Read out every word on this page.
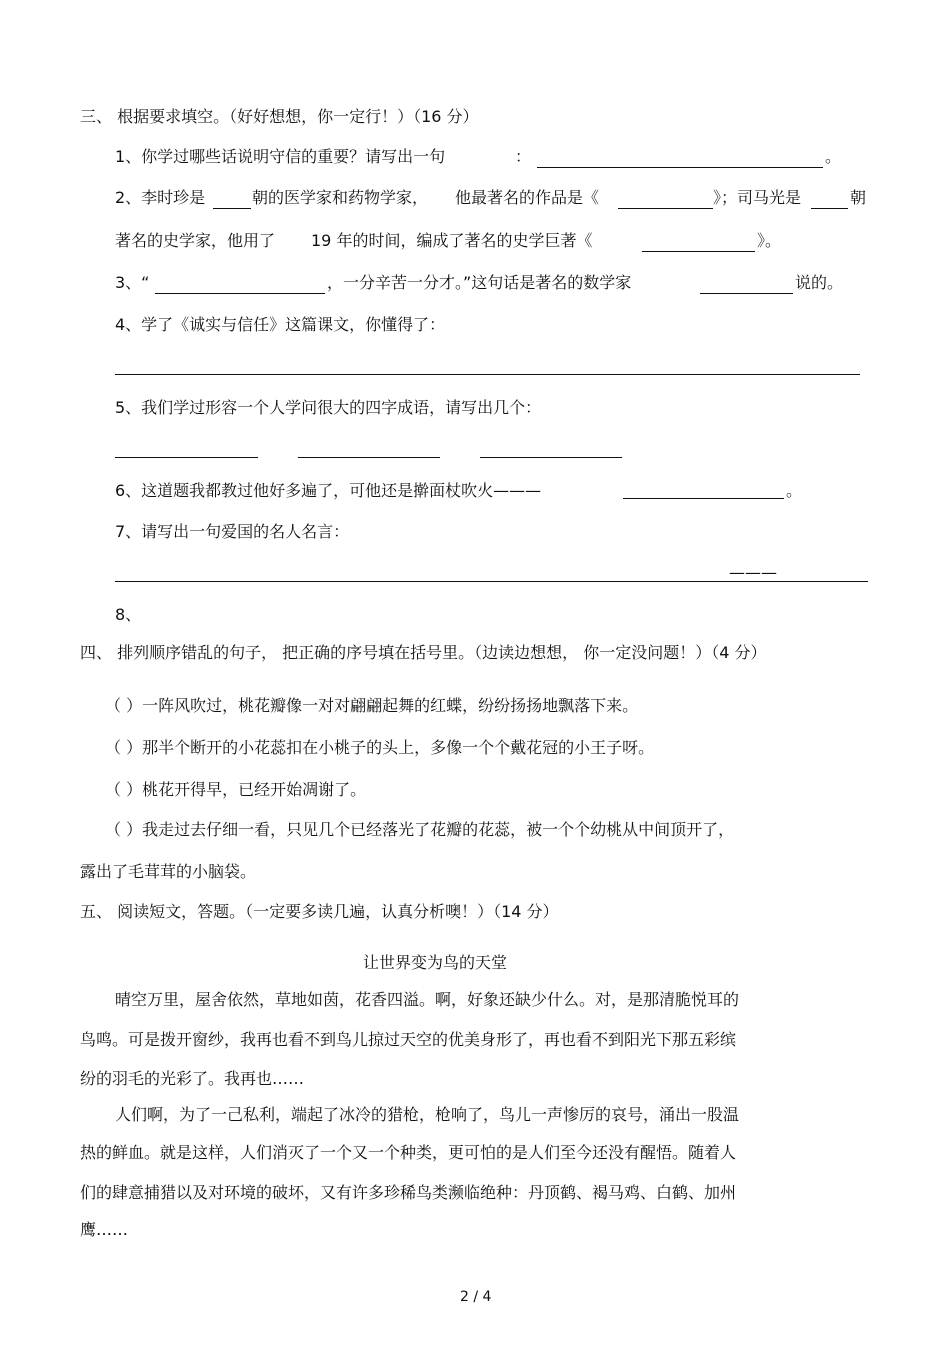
三、 根据要求填空。（好好想想，你一定行！）（16 分）
1、你学过哪些话说明守信的重要？请写出一句	：	。
2、李时珍是	朝的医学家和药物学家， 他最著名的作品是《	》；司马光是	朝
著名的史学家，他用了 19 年的时间，编成了著名的史学巨著《	》。
3、“	，一分辛苦一分才。”这句话是著名的数学家	说的。
4、学了《诚实与信任》这篇课文，你懂得了：
5、我们学过形容一个人学问很大的四字成语，请写出几个：
6、这道题我都教过他好多遍了，可他还是擀面杖吹火———	。
7、请写出一句爱国的名人名言：
———
8、
四、 排列顺序错乱的句子， 把正确的序号填在括号里。（边读边想想， 你一定没问题！）（4 分）
（ ）一阵风吹过，桃花瓣像一对对翩翩起舞的红蝶，纷纷扬扬地飘落下来。
（ ）那半个断开的小花蕊扣在小桃子的头上，多像一个个戴花冠的小王子呀。
（ ）桃花开得早，已经开始凋谢了。
（ ）我走过去仔细一看，只见几个已经落光了花瓣的花蕊，被一个个幼桃从中间顶开了，
露出了毛茸茸的小脑袋。
五、 阅读短文，答题。（一定要多读几遍，认真分析噢！）（14 分）
让世界变为鸟的天堂
晴空万里，屋舍依然，草地如茵，花香四溢。啊，好象还缺少什么。对，是那清脆悦耳的
鸟鸣。可是拨开窗纱，我再也看不到鸟儿掠过天空的优美身形了，再也看不到阳光下那五彩缤
纷的羽毛的光彩了。我再也……
人们啊，为了一己私利，端起了冰冷的猎枪，枪响了，鸟儿一声惨厉的哀号，涌出一股温
热的鲜血。就是这样，人们消灭了一个又一个种类，更可怕的是人们至今还没有醒悟。随着人
们的肆意捕猎以及对环境的破坏，又有许多珍稀鸟类濒临绝种：丹顶鹤、褐马鸡、白鹤、加州
鹰……
2 / 4
